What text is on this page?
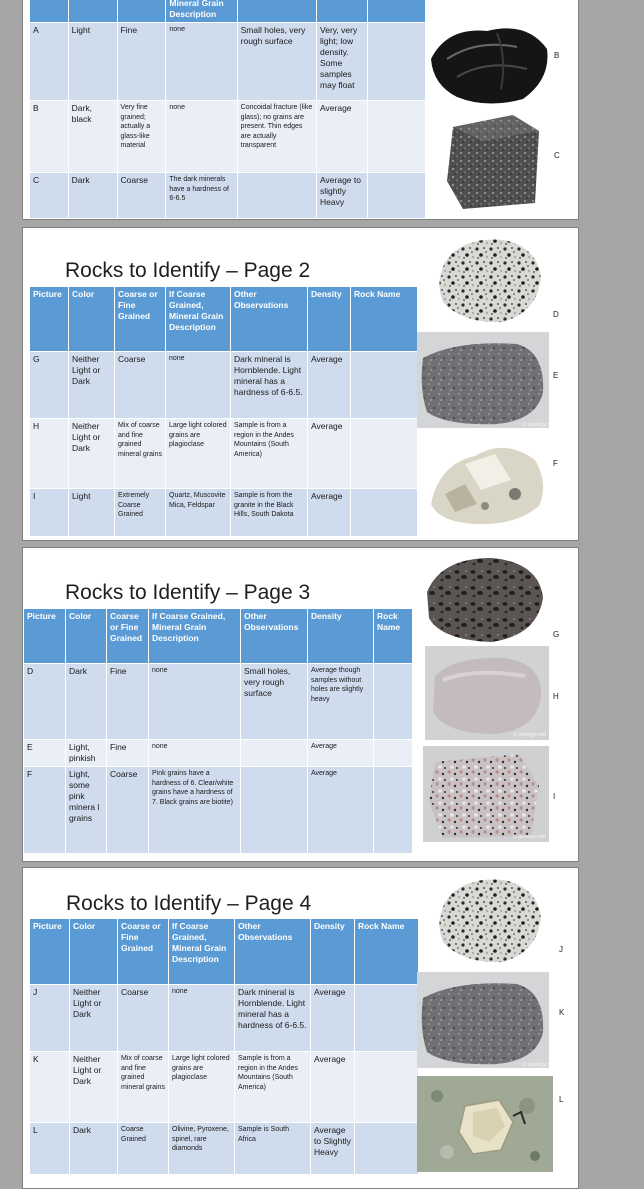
			Mineral Grain
Description			

A	Light	Fine	none	Small holes, very rough surface	Very, very light; low density. Some samples may float	
B	Dark, black	Very fine grained; actually a glass-like material	none	Concoidal fracture (like glass); no grains are present. Thin edges are actually transparent	Average	
C	Dark	Coarse	The dark minerals have a hardness of 6-6.5		Average to slightly Heavy	
B
C
Rocks to Identify – Page 2
Picture	Color	Coarse or Fine Grained	If Coarse Grained, Mineral Grain Description	Other Observations	Density	Rock Name
G	Neither Light or Dark	Coarse	none	Dark mineral is Hornblende. Light mineral has a hardness of 6-6.5.	Average	
H	Neither Light or Dark	Mix of coarse and fine grained mineral grains	Large light colored grains are plagioclase	Sample is from a region in the Andes Mountains (South America)	Average	
I	Light	Extremely Coarse Grained	Quartz, Muscovite Mica, Feldspar	Sample is from the granite in the Black Hills, South Dakota	Average	
D
© geology.com
E
F
Rocks to Identify – Page 3
Picture	Color	Coarse or Fine Grained	If Coarse Grained, Mineral Grain Description	Other Observations	Density	Rock Name
D	Dark	Fine	none	Small holes, very rough surface	Average though samples without holes are slightly heavy	
E	Light, pinkish	Fine	none		Average	
F	Light, some pink minera l grains	Coarse	Pink grains have a hardness of 6. Clear/white grains have a hardness of 7. Black grains are biotite)		Average	
G
© geology.com
H
© geology.com
I
Rocks to Identify – Page 4
Picture	Color	Coarse or Fine Grained	If Coarse Grained, Mineral Grain Description	Other Observations	Density	Rock Name
J	Neither Light or Dark	Coarse	none	Dark mineral is Hornblende. Light mineral has a hardness of 6-6.5.	Average	
K	Neither Light or Dark	Mix of coarse and fine grained mineral grains	Large light colored grains are plagioclase	Sample is from a region in the Andes Mountains (South America)	Average	
L	Dark	Coarse Grained	Olivine, Pyroxene, spinel, rare diamonds	Sample is South Africa	Average to Slightly Heavy	
J
© geology.com
K
L
